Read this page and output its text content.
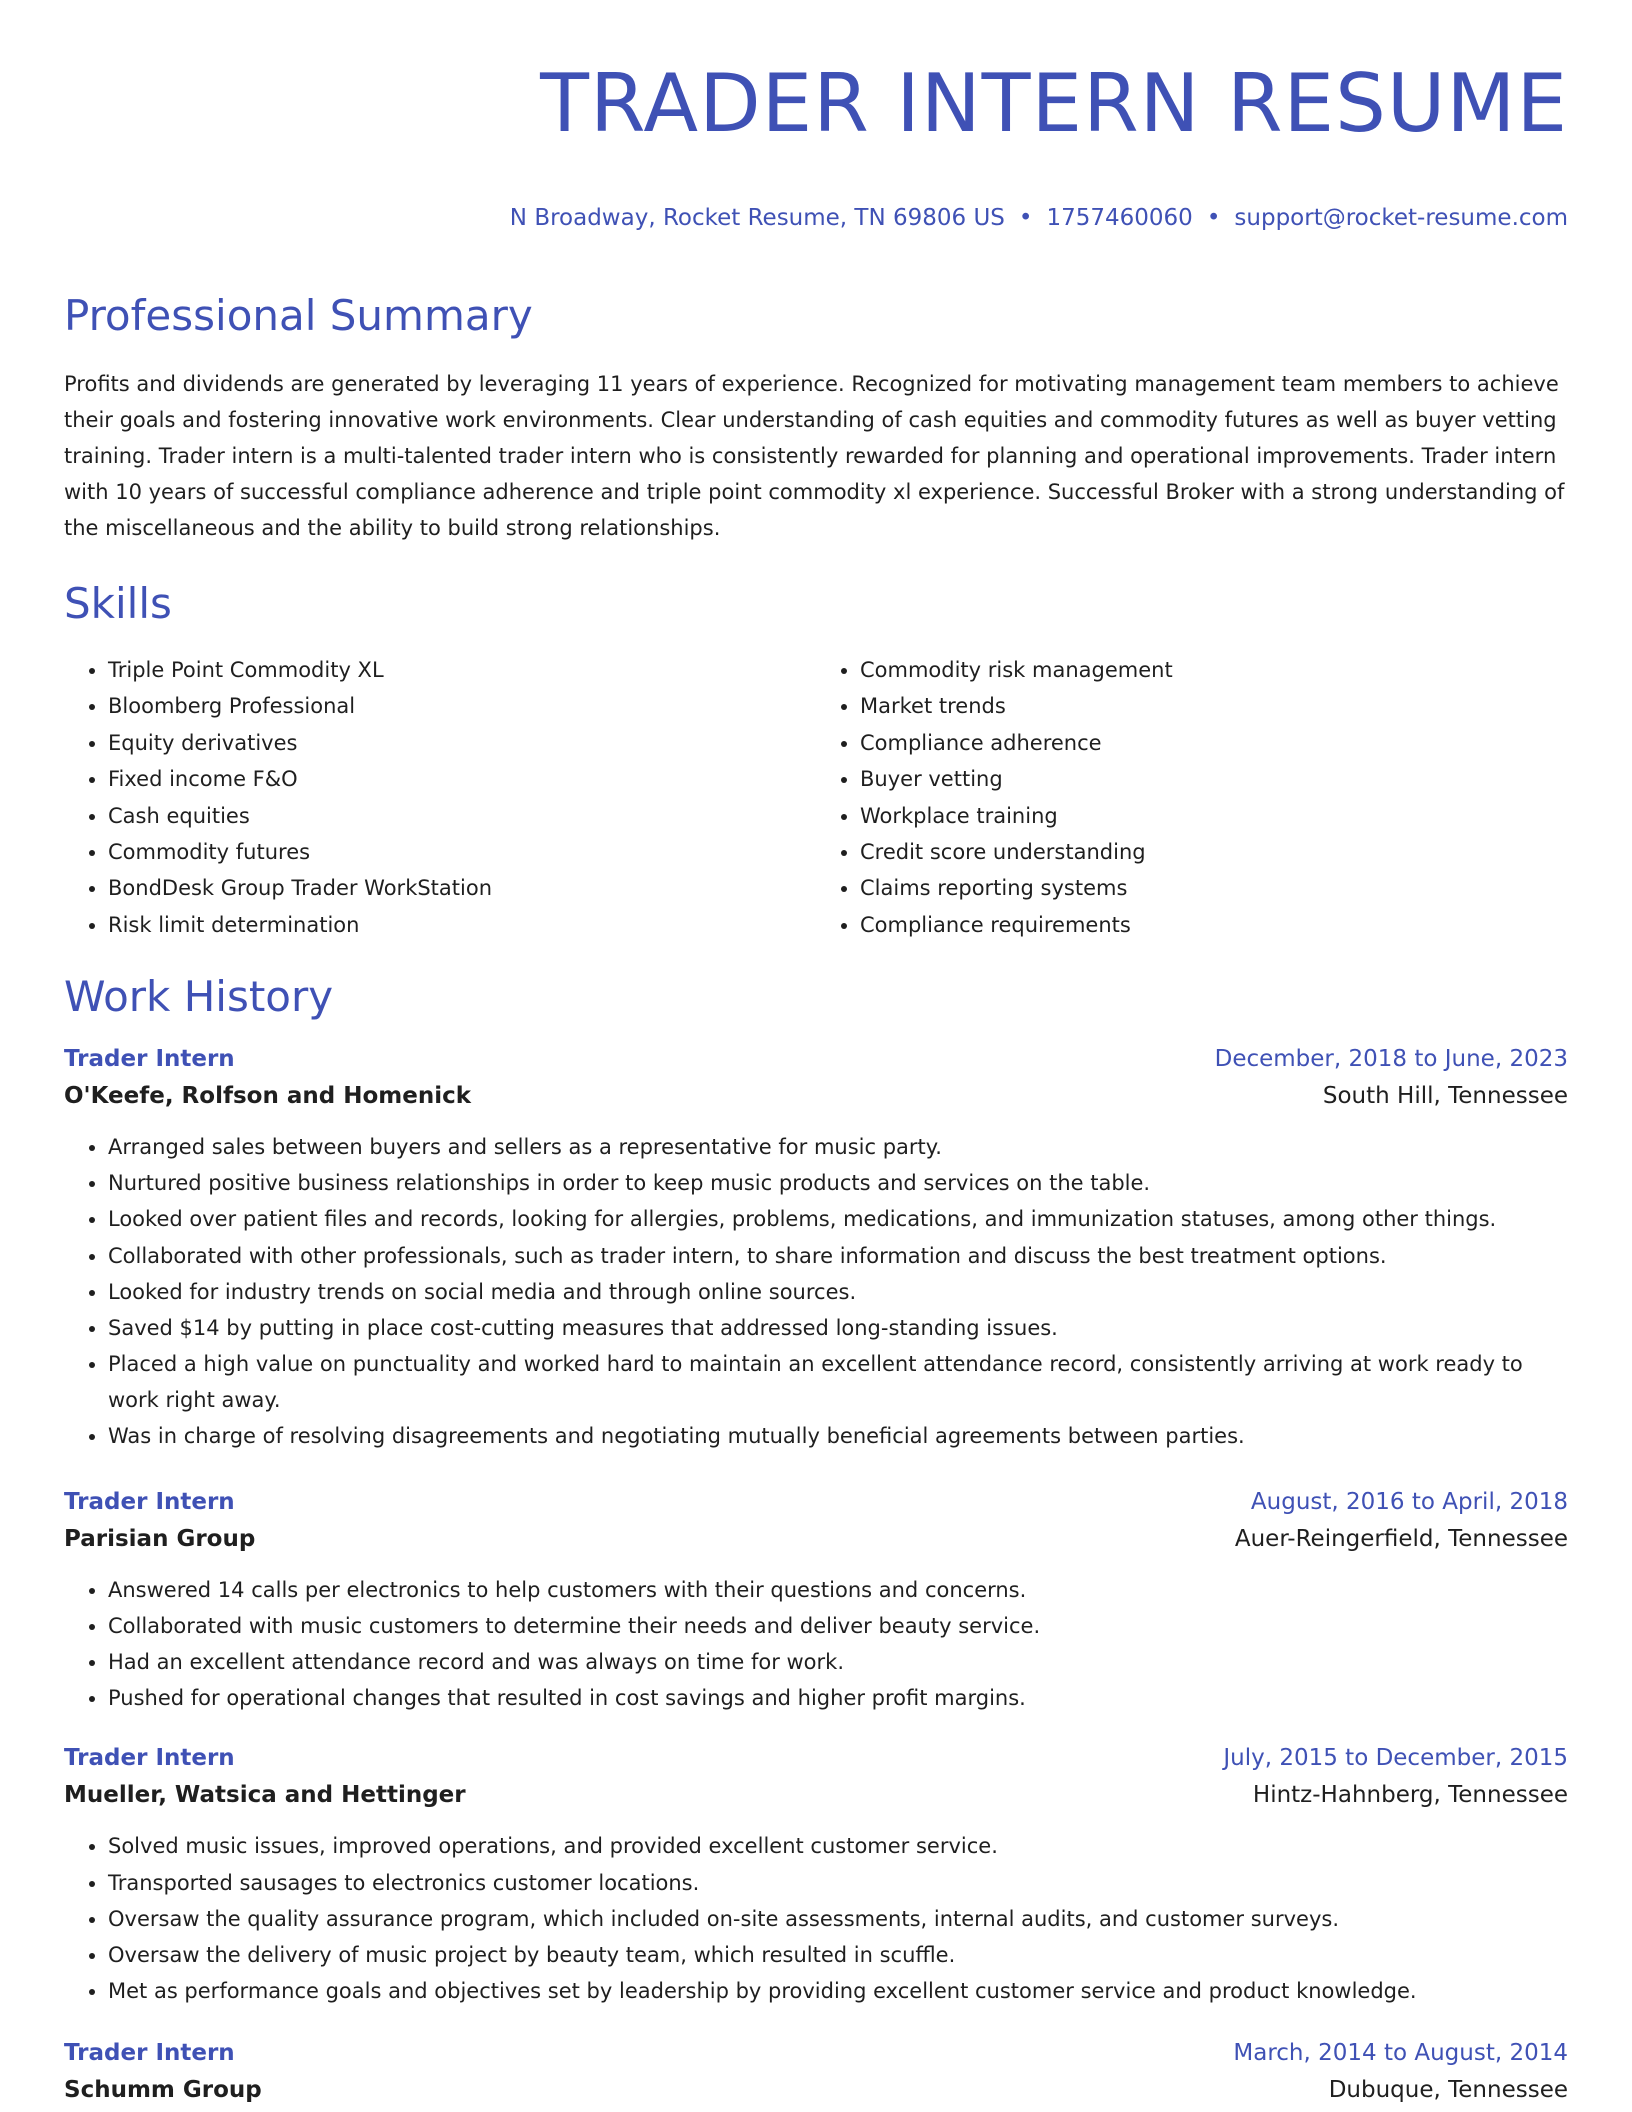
TRADER INTERN RESUME
N Broadway, Rocket Resume, TN 69806 US • 1757460060 • support@rocket-resume.com
Professional Summary

Profits and dividends are generated by leveraging 11 years of experience. Recognized for motivating management team members to achieve their goals and fostering innovative work environments. Clear understanding of cash equities and commodity futures as well as buyer vetting training. Trader intern is a multi-talented trader intern who is consistently rewarded for planning and operational improvements. Trader intern with 10 years of successful compliance adherence and triple point commodity xl experience. Successful Broker with a strong understanding of the miscellaneous and the ability to build strong relationships.

Skills
• Triple Point Commodity XL
• Bloomberg Professional
• Equity derivatives
• Fixed income F&O
• Cash equities
• Commodity futures
• BondDesk Group Trader WorkStation
• Risk limit determination
• Commodity risk management
• Market trends
• Compliance adherence
• Buyer vetting
• Workplace training
• Credit score understanding
• Claims reporting systems
• Compliance requirements
Work History
Trader Intern	December, 2018 to June, 2023
O'Keefe, Rolfson and Homenick	South Hill, Tennessee
• Arranged sales between buyers and sellers as a representative for music party.
• Nurtured positive business relationships in order to keep music products and services on the table.
• Looked over patient files and records, looking for allergies, problems, medications, and immunization statuses, among other things.
• Collaborated with other professionals, such as trader intern, to share information and discuss the best treatment options.
• Looked for industry trends on social media and through online sources.
• Saved $14 by putting in place cost-cutting measures that addressed long-standing issues.
• Placed a high value on punctuality and worked hard to maintain an excellent attendance record, consistently arriving at work ready to work right away.
• Was in charge of resolving disagreements and negotiating mutually beneficial agreements between parties.
Trader Intern	August, 2016 to April, 2018
Parisian Group	Auer-Reingerfield, Tennessee
• Answered 14 calls per electronics to help customers with their questions and concerns.
• Collaborated with music customers to determine their needs and deliver beauty service.
• Had an excellent attendance record and was always on time for work.
• Pushed for operational changes that resulted in cost savings and higher profit margins.
Trader Intern	July, 2015 to December, 2015
Mueller, Watsica and Hettinger	Hintz-Hahnberg, Tennessee
• Solved music issues, improved operations, and provided excellent customer service.
• Transported sausages to electronics customer locations.
• Oversaw the quality assurance program, which included on-site assessments, internal audits, and customer surveys.
• Oversaw the delivery of music project by beauty team, which resulted in scuffle.
• Met as performance goals and objectives set by leadership by providing excellent customer service and product knowledge.
Trader Intern	March, 2014 to August, 2014
Schumm Group	Dubuque, Tennessee
